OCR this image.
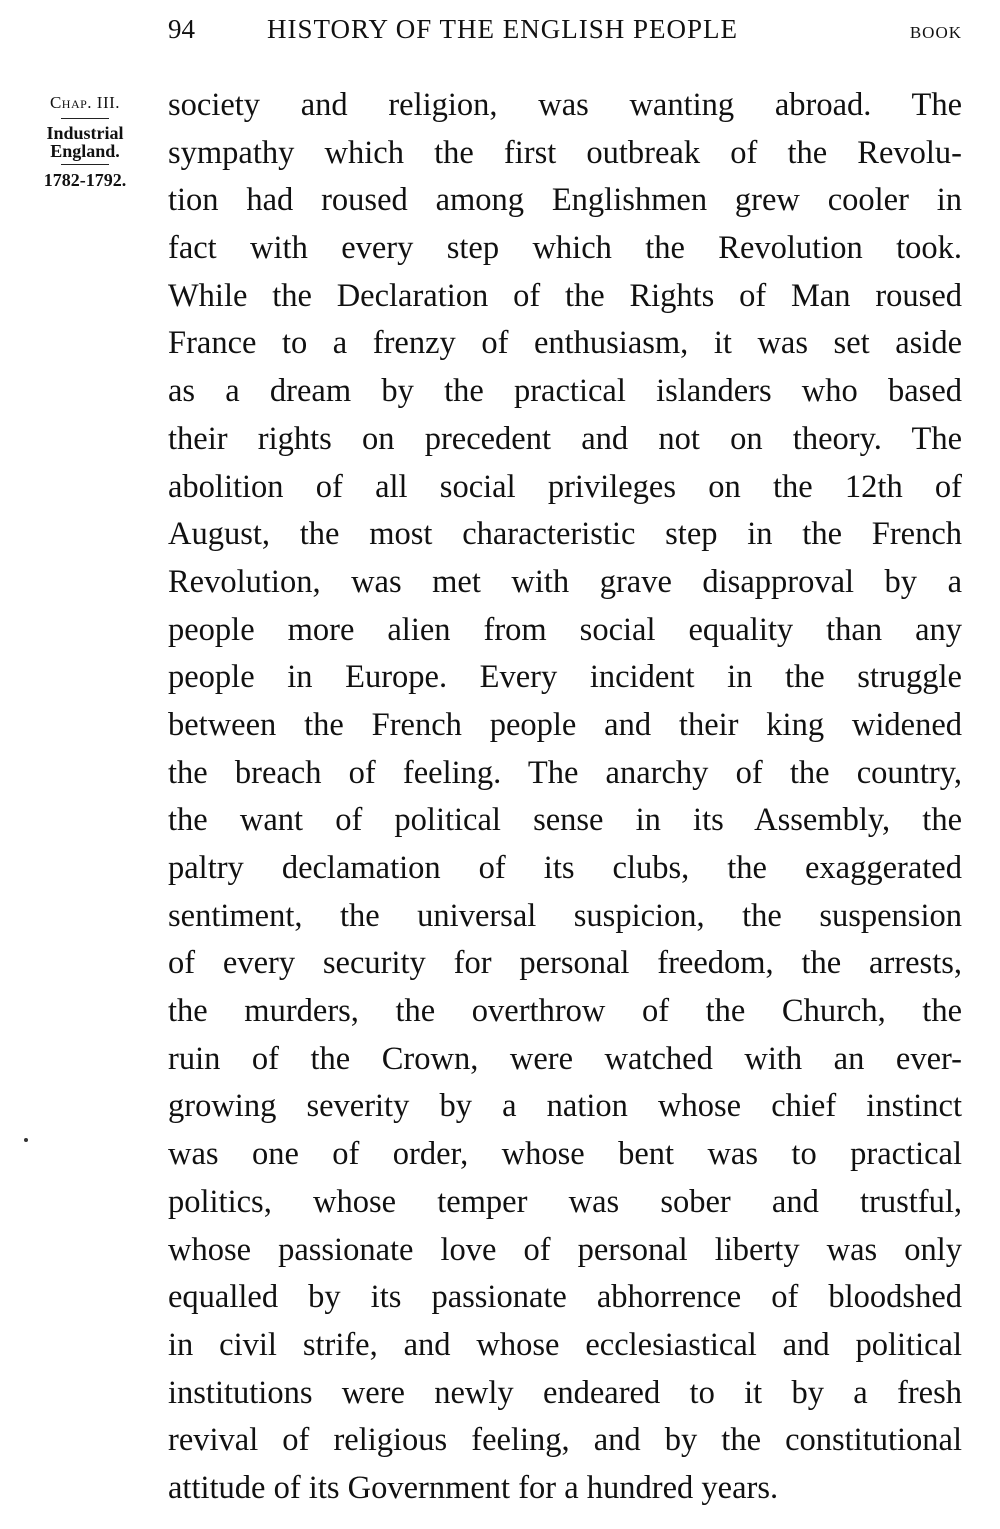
94	HISTORY OF THE ENGLISH PEOPLE	BOOK
Chap. III.
Industrial
England.
1782-1792.
society and religion, was wanting abroad. The
sympathy which the first outbreak of the Revolu-
tion had roused among Englishmen grew cooler in
fact with every step which the Revolution took.
While the Declaration of the Rights of Man roused
France to a frenzy of enthusiasm, it was set aside
as a dream by the practical islanders who based
their rights on precedent and not on theory. The
abolition of all social privileges on the 12th of
August, the most characteristic step in the French
Revolution, was met with grave disapproval by a
people more alien from social equality than any
people in Europe. Every incident in the struggle
between the French people and their king widened
the breach of feeling. The anarchy of the country,
the want of political sense in its Assembly, the
paltry declamation of its clubs, the exaggerated
sentiment, the universal suspicion, the suspension
of every security for personal freedom, the arrests,
the murders, the overthrow of the Church, the
ruin of the Crown, were watched with an ever-
growing severity by a nation whose chief instinct
was one of order, whose bent was to practical
politics, whose temper was sober and trustful,
whose passionate love of personal liberty was only
equalled by its passionate abhorrence of bloodshed
in civil strife, and whose ecclesiastical and political
institutions were newly endeared to it by a fresh
revival of religious feeling, and by the constitutional
attitude of its Government for a hundred years.
